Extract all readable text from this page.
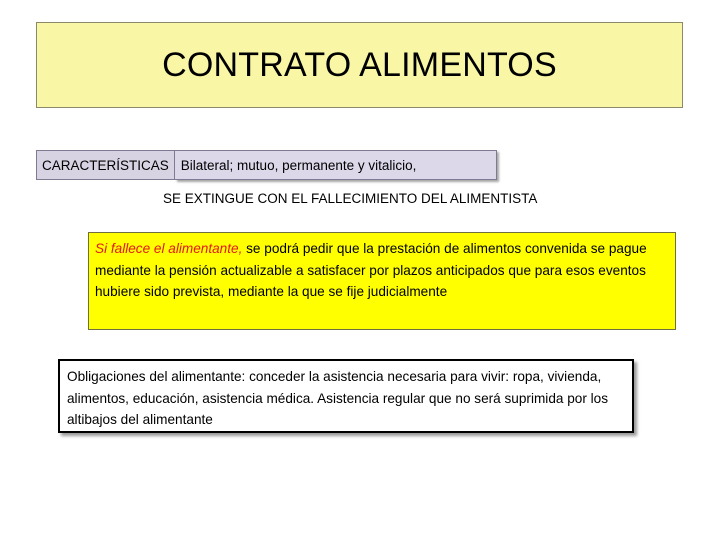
CONTRATO ALIMENTOS
CARACTERÍSTICAS Bilateral; mutuo, permanente y vitalicio,
SE EXTINGUE CON EL FALLECIMIENTO DEL ALIMENTISTA
Si fallece el alimentante, se podrá pedir que la prestación de alimentos convenida se pague mediante la pensión actualizable a satisfacer por plazos anticipados que para esos eventos hubiere sido prevista, mediante la que se fije judicialmente
Obligaciones del alimentante: conceder la asistencia necesaria para vivir: ropa, vivienda, alimentos, educación, asistencia médica. Asistencia regular que no será suprimida por los altibajos del alimentante
